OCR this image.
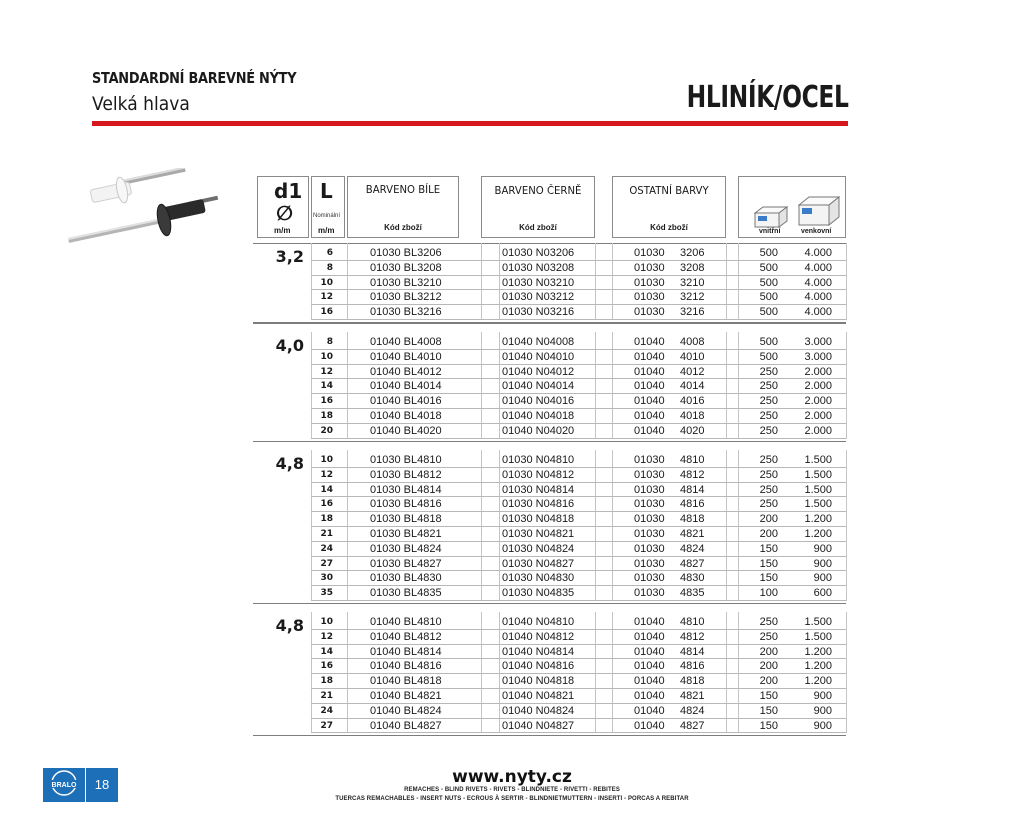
STANDARDNÍ BAREVNÉ NÝTY
Velká hlava	HLINÍK/OCEL
d1
∅
m/m
L
Nominální
m/m
BARVENO BÍLE
Kód zboží
BARVENO ČERNĚ
Kód zboží
OSTATNÍ BARVY
Kód zboží	vnitřní	venkovní
3,2	6	01030 BL3206	01030 N03206	01030 3206	500	4.000
8	01030 BL3208	01030 N03208	01030 3208	500	4.000
10	01030 BL3210	01030 N03210	01030 3210	500	4.000
12	01030 BL3212	01030 N03212	01030 3212	500	4.000
16	01030 BL3216	01030 N03216	01030 3216	500	4.000
4,0	8	01040 BL4008	01040 N04008	01040 4008	500	3.000
10	01040 BL4010	01040 N04010	01040 4010	500	3.000
12	01040 BL4012	01040 N04012	01040 4012	250	2.000
14	01040 BL4014	01040 N04014	01040 4014	250	2.000
16	01040 BL4016	01040 N04016	01040 4016	250	2.000
18	01040 BL4018	01040 N04018	01040 4018	250	2.000
20	01040 BL4020	01040 N04020	01040 4020	250	2.000
4,8	10	01030 BL4810	01030 N04810	01030 4810	250	1.500
12	01030 BL4812	01030 N04812	01030 4812	250	1.500
14	01030 BL4814	01030 N04814	01030 4814	250	1.500
16	01030 BL4816	01030 N04816	01030 4816	250	1.500
18	01030 BL4818	01030 N04818	01030 4818	200	1.200
21	01030 BL4821	01030 N04821	01030 4821	200	1.200
24	01030 BL4824	01030 N04824	01030 4824	150	900
27	01030 BL4827	01030 N04827	01030 4827	150	900
30	01030 BL4830	01030 N04830	01030 4830	150	900
35	01030 BL4835	01030 N04835	01030 4835	100	600
4,8	10	01040 BL4810	01040 N04810	01040 4810	250	1.500
12	01040 BL4812	01040 N04812	01040 4812	250	1.500
14	01040 BL4814	01040 N04814	01040 4814	200	1.200
16	01040 BL4816	01040 N04816	01040 4816	200	1.200
18	01040 BL4818	01040 N04818	01040 4818	200	1.200
21	01040 BL4821	01040 N04821	01040 4821	150	900
24	01040 BL4824	01040 N04824	01040 4824	150	900
27	01040 BL4827	01040 N04827	01040 4827	150	900
BRALO	18	www.nyty.cz
REMACHES - BLIND RIVETS - RIVETS - BLINDNIETE - RIVETTI - REBITES
TUERCAS REMACHABLES - INSERT NUTS - ECROUS À SERTIR - BLINDNIETMUTTERN - INSERTI - PORCAS A REBITAR
